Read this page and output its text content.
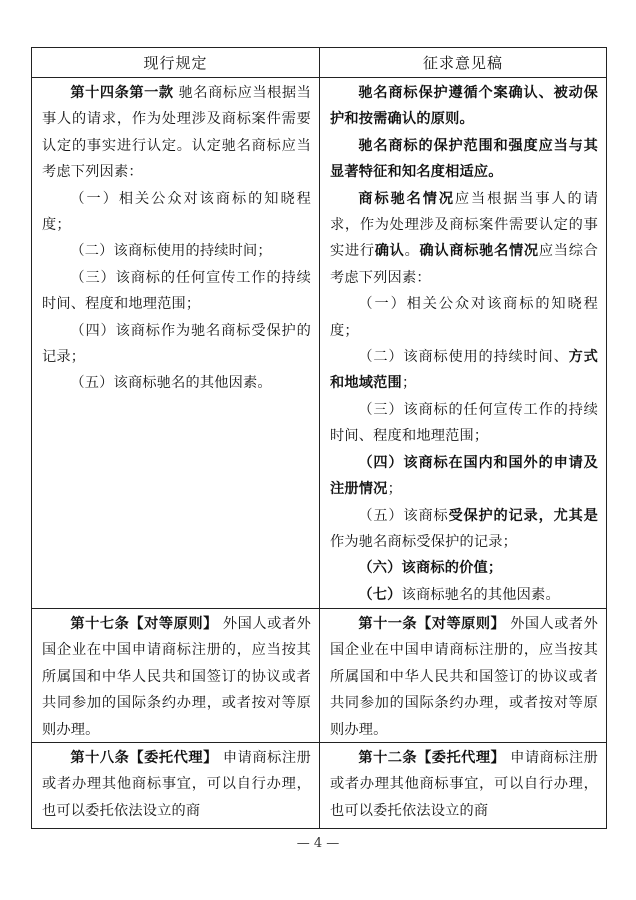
现行规定	征求意见稿

第十四条第一款 驰名商标应当根据当事人的请求，作为处理涉及商标案件需要认定的事实进行认定。认定驰名商标应当考虑下列因素：

（一）相关公众对该商标的知晓程度；

（二）该商标使用的持续时间；

（三）该商标的任何宣传工作的持续时间、程度和地理范围；

（四）该商标作为驰名商标受保护的记录；

（五）该商标驰名的其他因素。

驰名商标保护遵循个案确认、被动保护和按需确认的原则。

驰名商标的保护范围和强度应当与其显著特征和知名度相适应。

商标驰名情况应当根据当事人的请求，作为处理涉及商标案件需要认定的事实进行确认。确认商标驰名情况应当综合考虑下列因素：

（一）相关公众对该商标的知晓程度；

（二）该商标使用的持续时间、方式和地域范围；

（三）该商标的任何宣传工作的持续时间、程度和地理范围；

（四）该商标在国内和国外的申请及注册情况；

（五）该商标受保护的记录，尤其是作为驰名商标受保护的记录；

（六）该商标的价值；

（七）该商标驰名的其他因素。

第十七条【对等原则】 外国人或者外国企业在中国申请商标注册的，应当按其所属国和中华人民共和国签订的协议或者共同参加的国际条约办理，或者按对等原则办理。

第十一条【对等原则】 外国人或者外国企业在中国申请商标注册的，应当按其所属国和中华人民共和国签订的协议或者共同参加的国际条约办理，或者按对等原则办理。

第十八条【委托代理】 申请商标注册或者办理其他商标事宜，可以自行办理，也可以委托依法设立的商

第十二条【委托代理】 申请商标注册或者办理其他商标事宜，可以自行办理，也可以委托依法设立的商

— 4 —
